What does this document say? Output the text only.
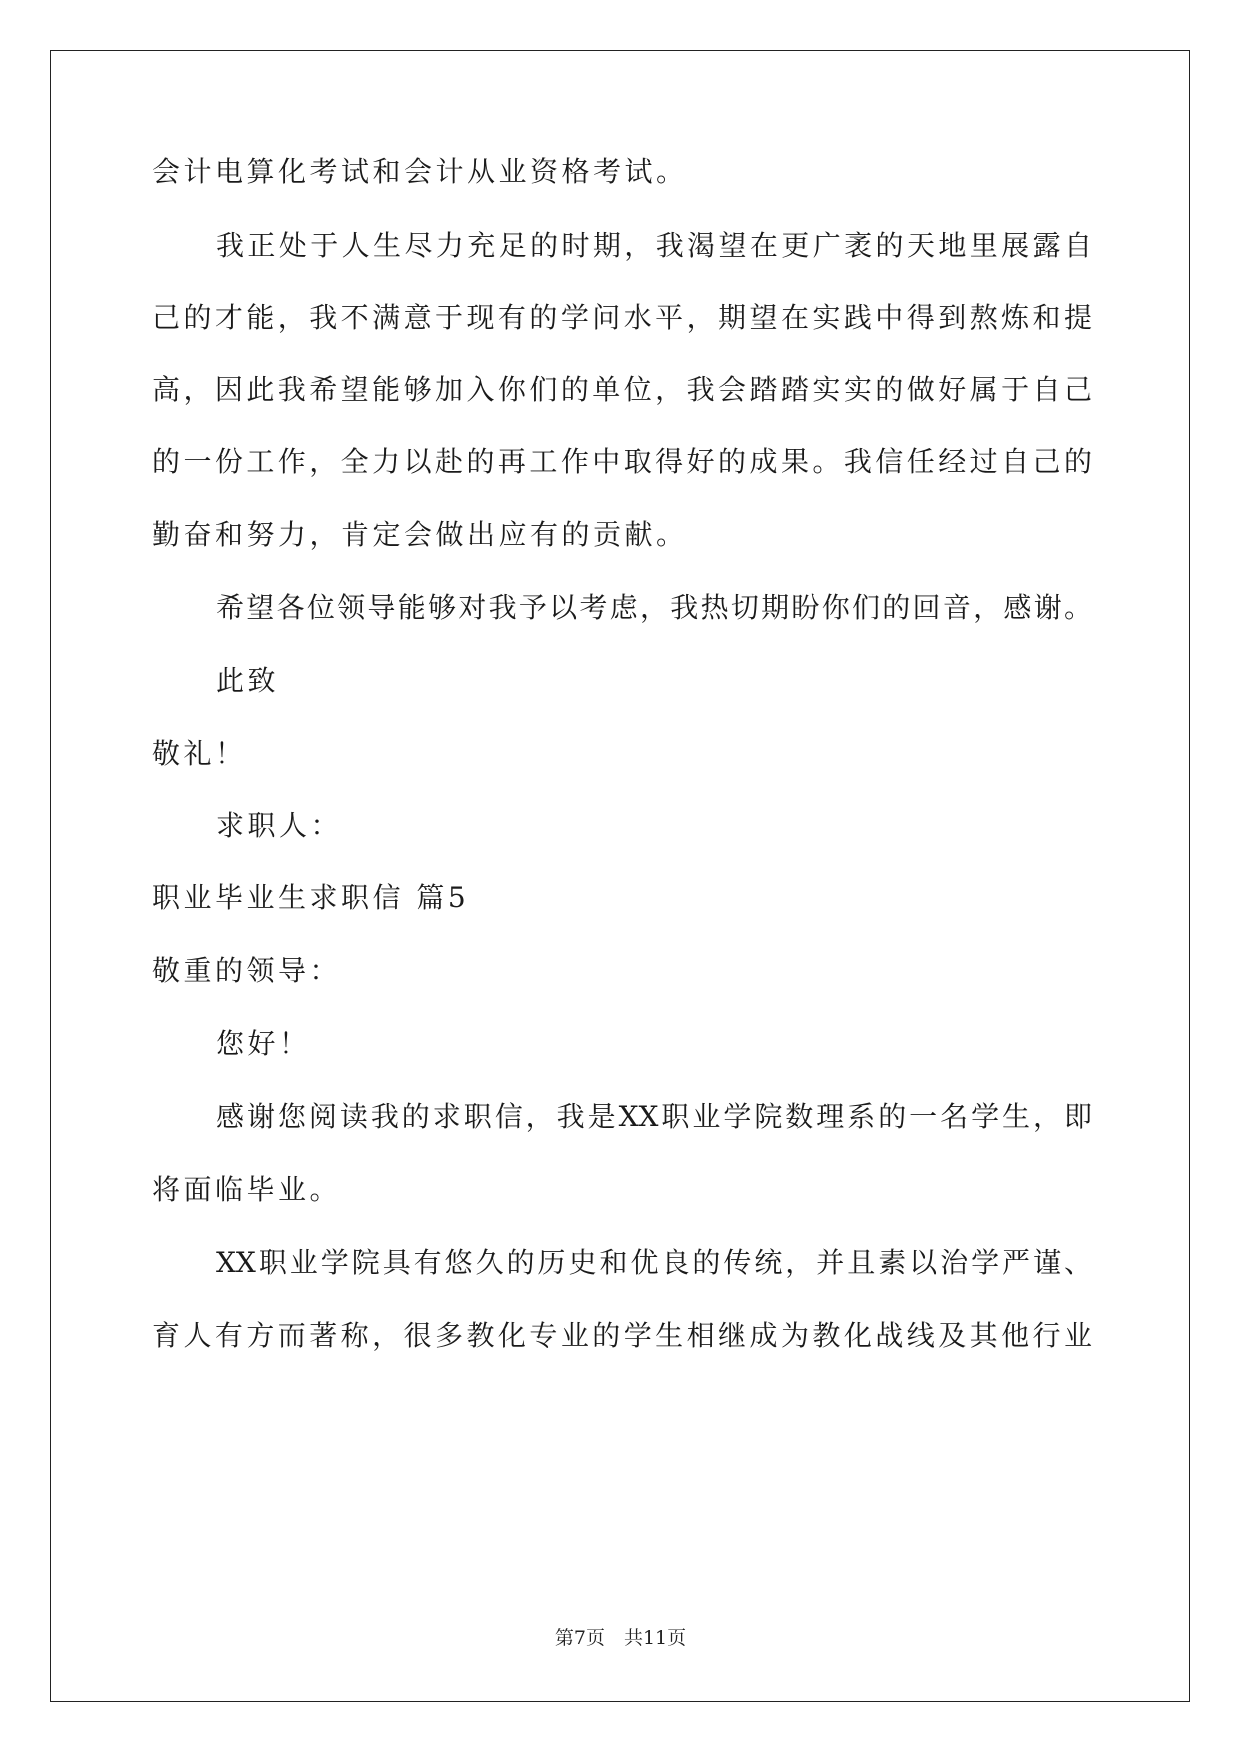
会计电算化考试和会计从业资格考试。
我正处于人生尽力充足的时期，我渴望在更广袤的天地里展露自
己的才能，我不满意于现有的学问水平，期望在实践中得到熬炼和提
高，因此我希望能够加入你们的单位，我会踏踏实实的做好属于自己
的一份工作，全力以赴的再工作中取得好的成果。我信任经过自己的
勤奋和努力，肯定会做出应有的贡献。
希望各位领导能够对我予以考虑，我热切期盼你们的回音，感谢。
此致
敬礼！
求职人：
职业毕业生求职信 篇5
敬重的领导：
您好！
感谢您阅读我的求职信，我是XX职业学院数理系的一名学生，即
将面临毕业。
XX职业学院具有悠久的历史和优良的传统，并且素以治学严谨、
育人有方而著称，很多教化专业的学生相继成为教化战线及其他行业
第7页　共11页
